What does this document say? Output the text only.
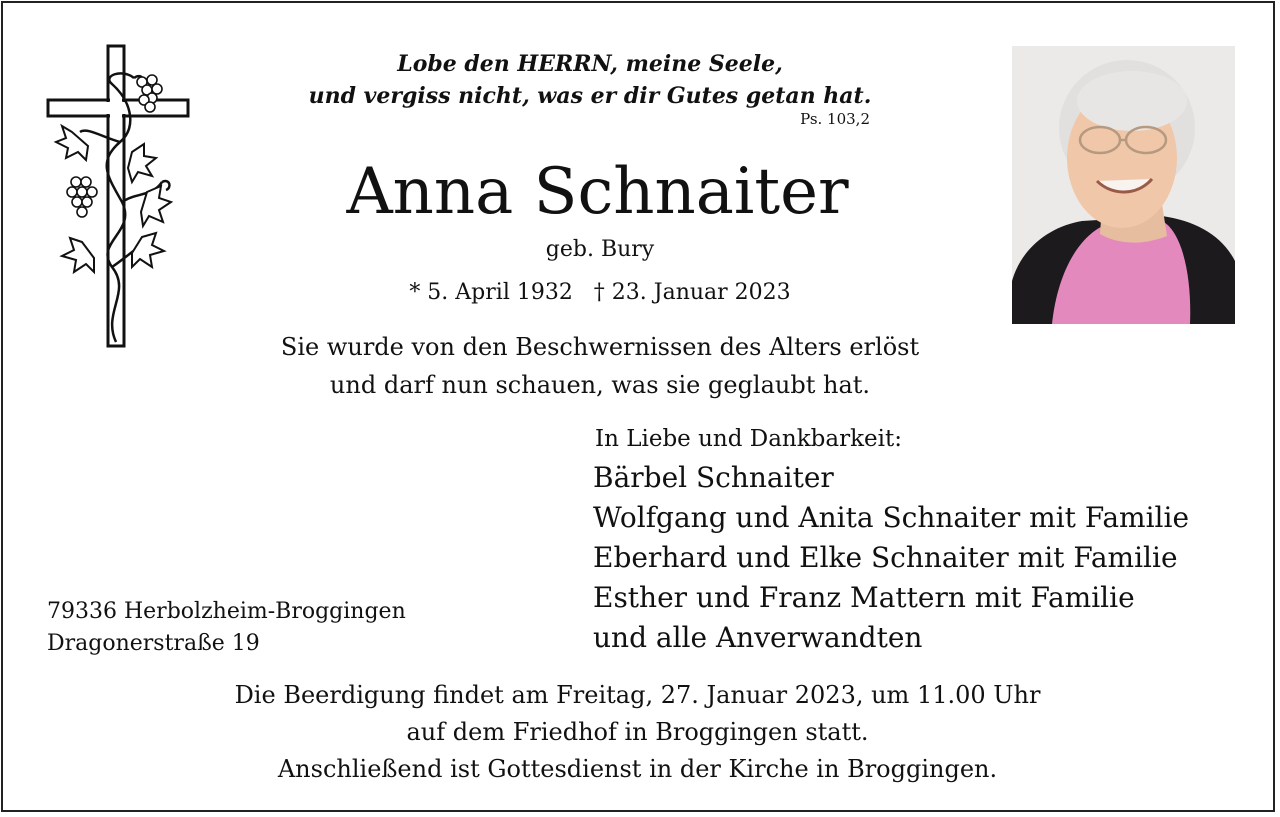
Lobe den HERRN, meine Seele,
und vergiss nicht, was er dir Gutes getan hat.
Ps. 103,2
Anna Schnaiter
geb. Bury
* 5. April 1932   † 23. Januar 2023
Sie wurde von den Beschwernissen des Alters erlöst
und darf nun schauen, was sie geglaubt hat.
In Liebe und Dankbarkeit:
Bärbel Schnaiter
Wolfgang und Anita Schnaiter mit Familie
Eberhard und Elke Schnaiter mit Familie
Esther und Franz Mattern mit Familie
und alle Anverwandten
79336 Herbolzheim-Broggingen
Dragonerstraße 19
Die Beerdigung findet am Freitag, 27. Januar 2023, um 11.00 Uhr
auf dem Friedhof in Broggingen statt.
Anschließend ist Gottesdienst in der Kirche in Broggingen.
